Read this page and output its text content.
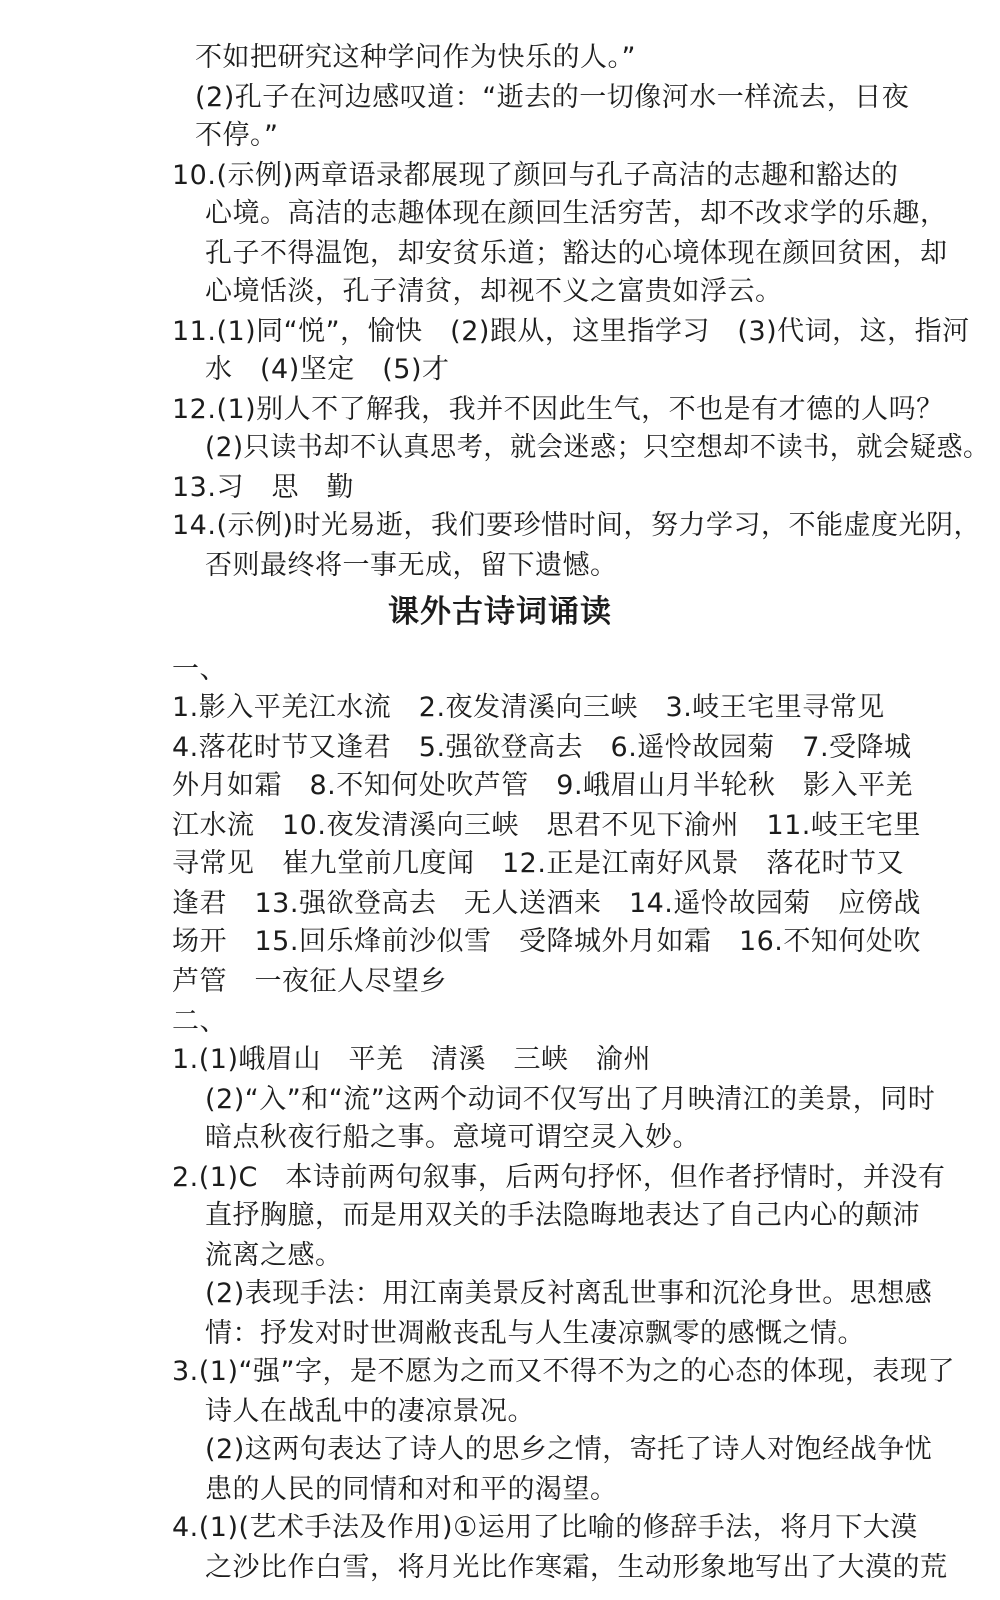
不如把研究这种学问作为快乐的人。”
(2)孔子在河边感叹道：“逝去的一切像河水一样流去，日夜
不停。”
10.(示例)两章语录都展现了颜回与孔子高洁的志趣和豁达的
心境。高洁的志趣体现在颜回生活穷苦，却不改求学的乐趣，
孔子不得温饱，却安贫乐道；豁达的心境体现在颜回贫困，却
心境恬淡，孔子清贫，却视不义之富贵如浮云。
11.(1)同“悦”，愉快　(2)跟从，这里指学习　(3)代词，这，指河
水　(4)坚定　(5)才
12.(1)别人不了解我，我并不因此生气，不也是有才德的人吗？
(2)只读书却不认真思考，就会迷惑；只空想却不读书，就会疑惑。
13.习　思　勤
14.(示例)时光易逝，我们要珍惜时间，努力学习，不能虚度光阴，
否则最终将一事无成，留下遗憾。
课外古诗词诵读
一、
1.影入平羌江水流　2.夜发清溪向三峡　3.岐王宅里寻常见
4.落花时节又逢君　5.强欲登高去　6.遥怜故园菊　7.受降城
外月如霜　8.不知何处吹芦管　9.峨眉山月半轮秋　影入平羌
江水流　10.夜发清溪向三峡　思君不见下渝州　11.岐王宅里
寻常见　崔九堂前几度闻　12.正是江南好风景　落花时节又
逢君　13.强欲登高去　无人送酒来　14.遥怜故园菊　应傍战
场开　15.回乐烽前沙似雪　受降城外月如霜　16.不知何处吹
芦管　一夜征人尽望乡
二、
1.(1)峨眉山　平羌　清溪　三峡　渝州
(2)“入”和“流”这两个动词不仅写出了月映清江的美景，同时
暗点秋夜行船之事。意境可谓空灵入妙。
2.(1)C　本诗前两句叙事，后两句抒怀，但作者抒情时，并没有
直抒胸臆，而是用双关的手法隐晦地表达了自己内心的颠沛
流离之感。
(2)表现手法：用江南美景反衬离乱世事和沉沦身世。思想感
情：抒发对时世凋敝丧乱与人生凄凉飘零的感慨之情。
3.(1)“强”字，是不愿为之而又不得不为之的心态的体现，表现了
诗人在战乱中的凄凉景况。
(2)这两句表达了诗人的思乡之情，寄托了诗人对饱经战争忧
患的人民的同情和对和平的渴望。
4.(1)(艺术手法及作用)①运用了比喻的修辞手法，将月下大漠
之沙比作白雪，将月光比作寒霜，生动形象地写出了大漠的荒
